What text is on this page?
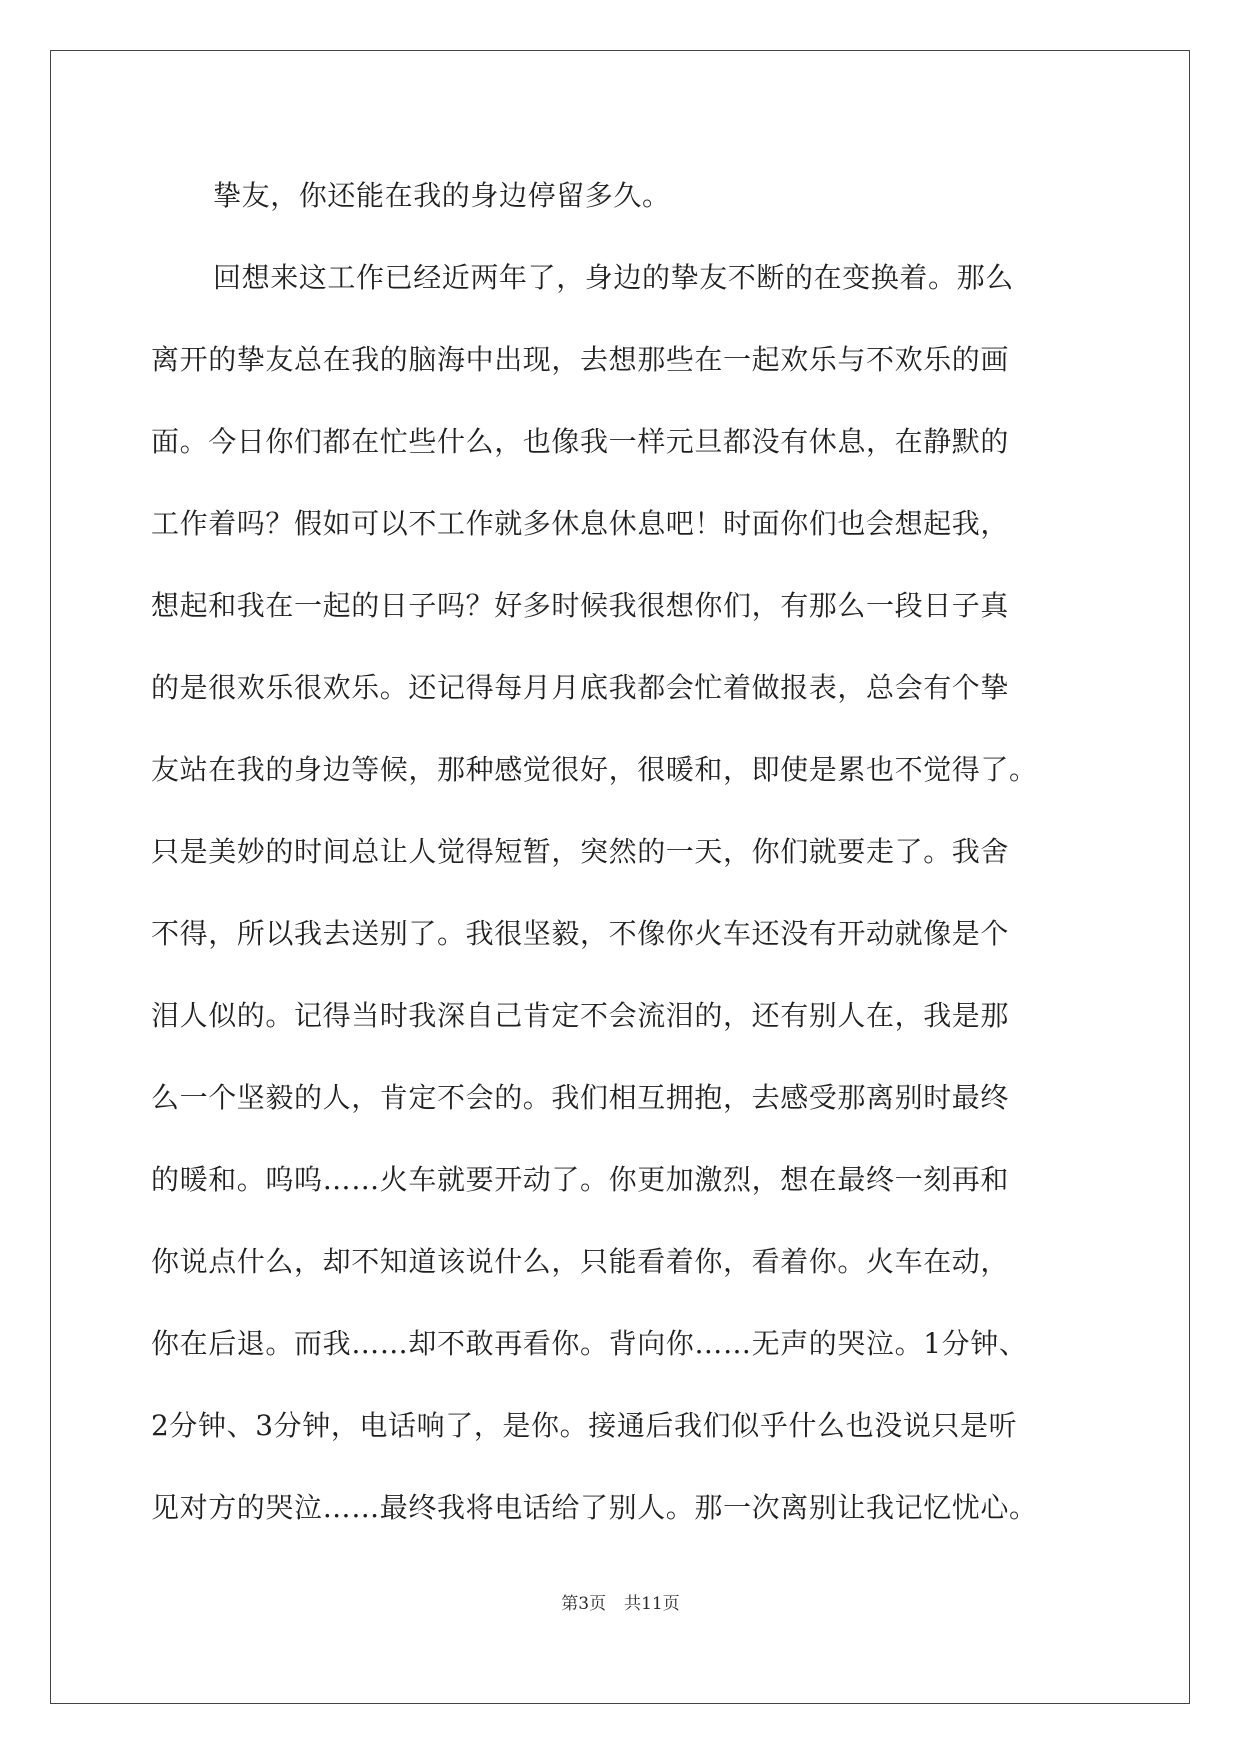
挚友，你还能在我的身边停留多久。
回想来这工作已经近两年了，身边的挚友不断的在变换着。那么
离开的挚友总在我的脑海中出现，去想那些在一起欢乐与不欢乐的画
面。今日你们都在忙些什么，也像我一样元旦都没有休息，在静默的
工作着吗？假如可以不工作就多休息休息吧！时面你们也会想起我，
想起和我在一起的日子吗？好多时候我很想你们，有那么一段日子真
的是很欢乐很欢乐。还记得每月月底我都会忙着做报表，总会有个挚
友站在我的身边等候，那种感觉很好，很暖和，即使是累也不觉得了。
只是美妙的时间总让人觉得短暂，突然的一天，你们就要走了。我舍
不得，所以我去送别了。我很坚毅，不像你火车还没有开动就像是个
泪人似的。记得当时我深自己肯定不会流泪的，还有别人在，我是那
么一个坚毅的人，肯定不会的。我们相互拥抱，去感受那离别时最终
的暖和。呜呜……火车就要开动了。你更加激烈，想在最终一刻再和
你说点什么，却不知道该说什么，只能看着你，看着你。火车在动，
你在后退。而我……却不敢再看你。背向你……无声的哭泣。1分钟、
2分钟、3分钟，电话响了，是你。接通后我们似乎什么也没说只是听
见对方的哭泣……最终我将电话给了别人。那一次离别让我记忆忧心。
第3页 共11页
